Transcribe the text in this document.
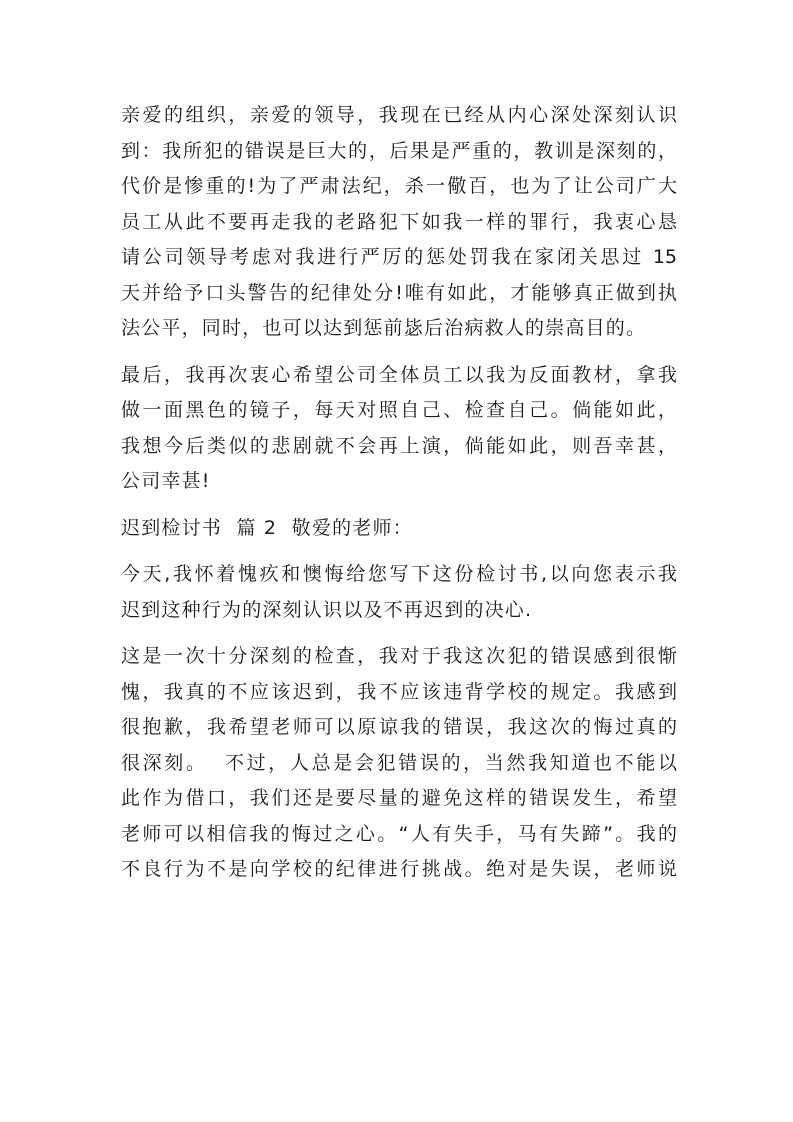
亲爱的组织，亲爱的领导，我现在已经从内心深处深刻认识
到：我所犯的错误是巨大的，后果是严重的，教训是深刻的，
代价是惨重的!为了严肃法纪，杀一儆百，也为了让公司广大
员工从此不要再走我的老路犯下如我一样的罪行，我衷心恳
请公司领导考虑对我进行严厉的惩处罚我在家闭关思过 15
天并给予口头警告的纪律处分!唯有如此，才能够真正做到执
法公平，同时，也可以达到惩前毖后治病救人的崇高目的。
最后，我再次衷心希望公司全体员工以我为反面教材，拿我
做一面黑色的镜子，每天对照自己、检查自己。倘能如此，
我想今后类似的悲剧就不会再上演，倘能如此，则吾幸甚，
公司幸甚!
迟到检讨书  篇 2  敬爱的老师：
今天,我怀着愧疚和懊悔给您写下这份检讨书,以向您表示我
迟到这种行为的深刻认识以及不再迟到的决心.
这是一次十分深刻的检查，我对于我这次犯的错误感到很惭
愧，我真的不应该迟到，我不应该违背学校的规定。我感到
很抱歉，我希望老师可以原谅我的错误，我这次的悔过真的
很深刻。  不过，人总是会犯错误的，当然我知道也不能以
此作为借口，我们还是要尽量的避免这样的错误发生，希望
老师可以相信我的悔过之心。“人有失手，马有失蹄”。我的
不良行为不是向学校的纪律进行挑战。绝对是失误，老师说
